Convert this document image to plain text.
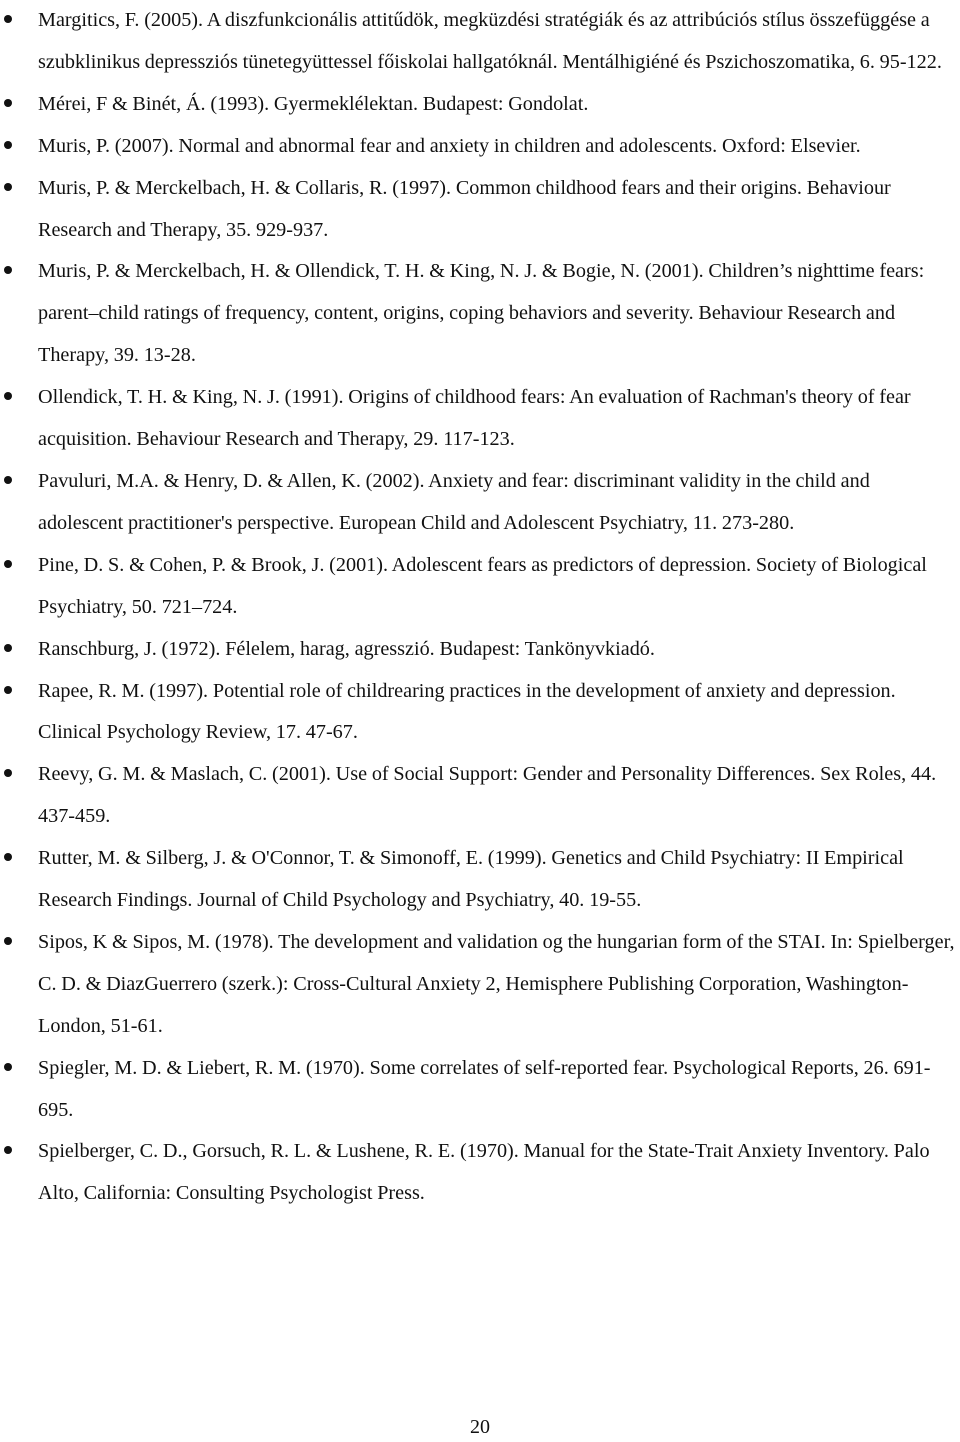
Margitics, F. (2005). A diszfunkcionális attitűdök, megküzdési stratégiák és az attribúciós stílus összefüggése a szubklinikus depressziós tünetegyüttessel főiskolai hallgatóknál. Mentálhigiéné és Pszichoszomatika, 6. 95-122.
Mérei, F & Binét, Á. (1993). Gyermeklélektan. Budapest: Gondolat.
Muris, P. (2007). Normal and abnormal fear and anxiety in children and adolescents. Oxford: Elsevier.
Muris, P. & Merckelbach, H. & Collaris, R. (1997). Common childhood fears and their origins. Behaviour Research and Therapy, 35. 929-937.
Muris, P. & Merckelbach, H. & Ollendick, T. H. & King, N. J. & Bogie, N. (2001). Children’s nighttime fears: parent–child ratings of frequency, content, origins, coping behaviors and severity. Behaviour Research and Therapy, 39. 13-28.
Ollendick, T. H. & King, N. J. (1991). Origins of childhood fears: An evaluation of Rachman's theory of fear acquisition. Behaviour Research and Therapy, 29. 117-123.
Pavuluri, M.A. & Henry, D. & Allen, K. (2002). Anxiety and fear: discriminant validity in the child and adolescent practitioner's perspective. European Child and Adolescent Psychiatry, 11. 273-280.
Pine, D. S. & Cohen, P. & Brook, J. (2001). Adolescent fears as predictors of depression. Society of Biological Psychiatry, 50. 721–724.
Ranschburg, J. (1972). Félelem, harag, agresszió. Budapest: Tankönyvkiadó.
Rapee, R. M. (1997). Potential role of childrearing practices in the development of anxiety and depression. Clinical Psychology Review, 17. 47-67.
Reevy, G. M. & Maslach, C. (2001). Use of Social Support: Gender and Personality Differences. Sex Roles, 44. 437-459.
Rutter, M. & Silberg, J. & O'Connor, T. & Simonoff, E. (1999). Genetics and Child Psychiatry: II Empirical Research Findings. Journal of Child Psychology and Psychiatry, 40. 19-55.
Sipos, K & Sipos, M. (1978). The development and validation og the hungarian form of the STAI. In: Spielberger, C. D. & DiazGuerrero (szerk.): Cross-Cultural Anxiety 2, Hemisphere Publishing Corporation, Washington-London, 51-61.
Spiegler, M. D. & Liebert, R. M. (1970). Some correlates of self-reported fear. Psychological Reports, 26. 691-695.
Spielberger, C. D., Gorsuch, R. L. & Lushene, R. E. (1970). Manual for the State-Trait Anxiety Inventory. Palo Alto, California: Consulting Psychologist Press.
20
